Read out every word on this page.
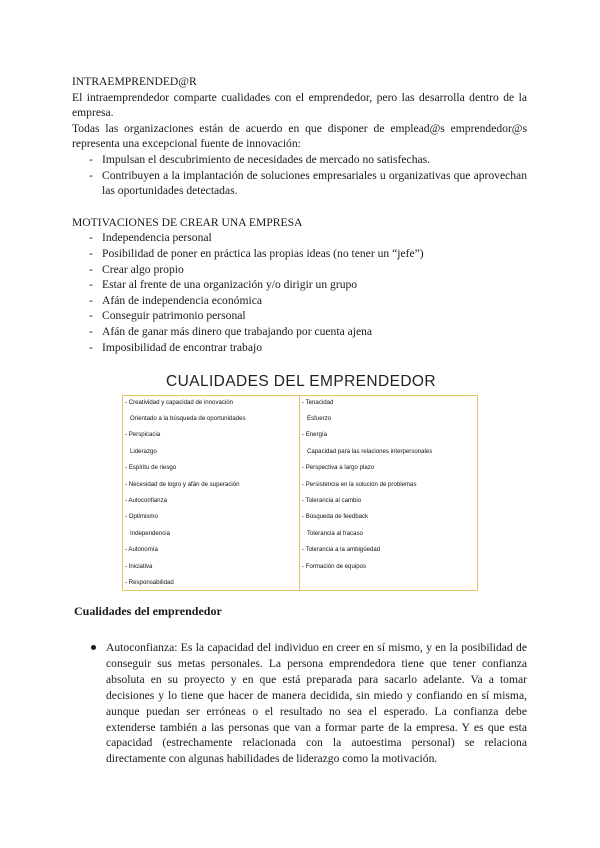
INTRAEMPRENDED@R

El intraemprendedor comparte cualidades con el emprendedor, pero las desarrolla dentro de la empresa.

Todas las organizaciones están de acuerdo en que disponer de emplead@s emprendedor@s representa una excepcional fuente de innovación:

- Impulsan el descubrimiento de necesidades de mercado no satisfechas.
- Contribuyen a la implantación de soluciones empresariales u organizativas que aprovechan las oportunidades detectadas.

MOTIVACIONES DE CREAR UNA EMPRESA

- Independencia personal
- Posibilidad de poner en práctica las propias ideas (no tener un “jefe”)
- Crear algo propio
- Estar al frente de una organización y/o dirigir un grupo
- Afán de independencia económica
- Conseguir patrimonio personal
- Afán de ganar más dinero que trabajando por cuenta ajena
- Imposibilidad de encontrar trabajo

CUALIDADES DEL EMPRENDEDOR

- Creatividad y capacidad de innovación
Orientado a la búsqueda de oportunidades
- Perspicacia
Liderazgo
- Espíritu de riesgo
- Necesidad de logro y afán de superación
- Autoconfianza
- Optimismo
Independencia
- Autonomía
- Iniciativa
- Responsabilidad
- Tenacidad
Esfuerzo
- Energía
Capacidad para las relaciones interpersonales
- Perspectiva a largo plazo
- Persistencia en la solución de problemas
- Tolerancia al cambio
- Búsqueda de feedback
Tolerancia al fracaso
- Tolerancia a la ambigüedad
- Formación de equipos

Cualidades del emprendedor

Autoconfianza: Es la capacidad del individuo en creer en sí mismo, y en la posibilidad de conseguir sus metas personales. La persona emprendedora tiene que tener confianza absoluta en su proyecto y en que está preparada para sacarlo adelante. Va a tomar decisiones y lo tiene que hacer de manera decidida, sin miedo y confiando en sí misma, aunque puedan ser erróneas o el resultado no sea el esperado. La confianza debe extenderse también a las personas que van a formar parte de la empresa. Y es que esta capacidad (estrechamente relacionada con la autoestima personal) se relaciona directamente con algunas habilidades de liderazgo como la motivación.
